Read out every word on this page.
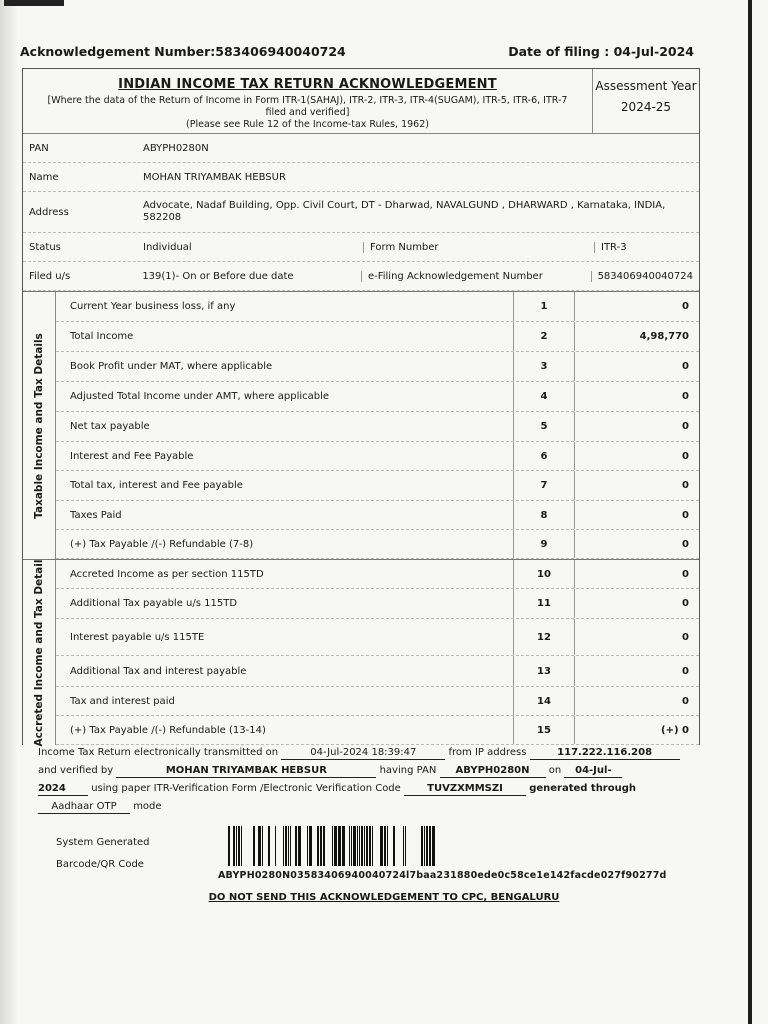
Acknowledgement Number:583406940040724	Date of filing : 04-Jul-2024
INDIAN INCOME TAX RETURN ACKNOWLEDGEMENT
[Where the data of the Return of Income in Form ITR-1(SAHAJ), ITR-2, ITR-3, ITR-4(SUGAM), ITR-5, ITR-6, ITR-7
filed and verified]
(Please see Rule 12 of the Income-tax Rules, 1962)
Assessment Year
2024-25
PAN	ABYPH0280N
Name	MOHAN TRIYAMBAK HEBSUR
Address
Advocate, Nadaf Building, Opp. Civil Court, DT - Dharwad, NAVALGUND , DHARWARD , Karnataka, INDIA, 582208
Status	Individual	Form Number	ITR-3
Filed u/s	139(1)- On or Before due date	e-Filing Acknowledgement Number	583406940040724
Taxable Income and Tax Details
Current Year business loss, if any	1	0
Total Income	2	4,98,770
Book Profit under MAT, where applicable	3	0
Adjusted Total Income under AMT, where applicable	4	0
Net tax payable	5	0
Interest and Fee Payable	6	0
Total tax, interest and Fee payable	7	0
Taxes Paid	8	0
(+) Tax Payable /(-) Refundable (7-8)	9	0
Accreted Income and Tax Detail	Accreted Income as per section 115TD	10	0
Additional Tax payable u/s 115TD	11	0
Interest payable u/s 115TE	12	0
Additional Tax and interest payable	13	0
Tax and interest paid	14	0
(+) Tax Payable /(-) Refundable (13-14)	15	(+) 0
Income Tax Return electronically transmitted on	04-Jul-2024 18:39:47	from IP address	117.222.116.208
and verified by	MOHAN TRIYAMBAK HEBSUR	having PAN ABYPH0280N on 04-Jul-
2024	using paper ITR-Verification Form /Electronic Verification Code	TUVZXMMSZI	generated through
Aadhaar OTP mode
System Generated
Barcode/QR Code
ABYPH0280N03583406940040724l7baa231880ede0c58ce1e142facde027f90277d
DO NOT SEND THIS ACKNOWLEDGEMENT TO CPC, BENGALURU
